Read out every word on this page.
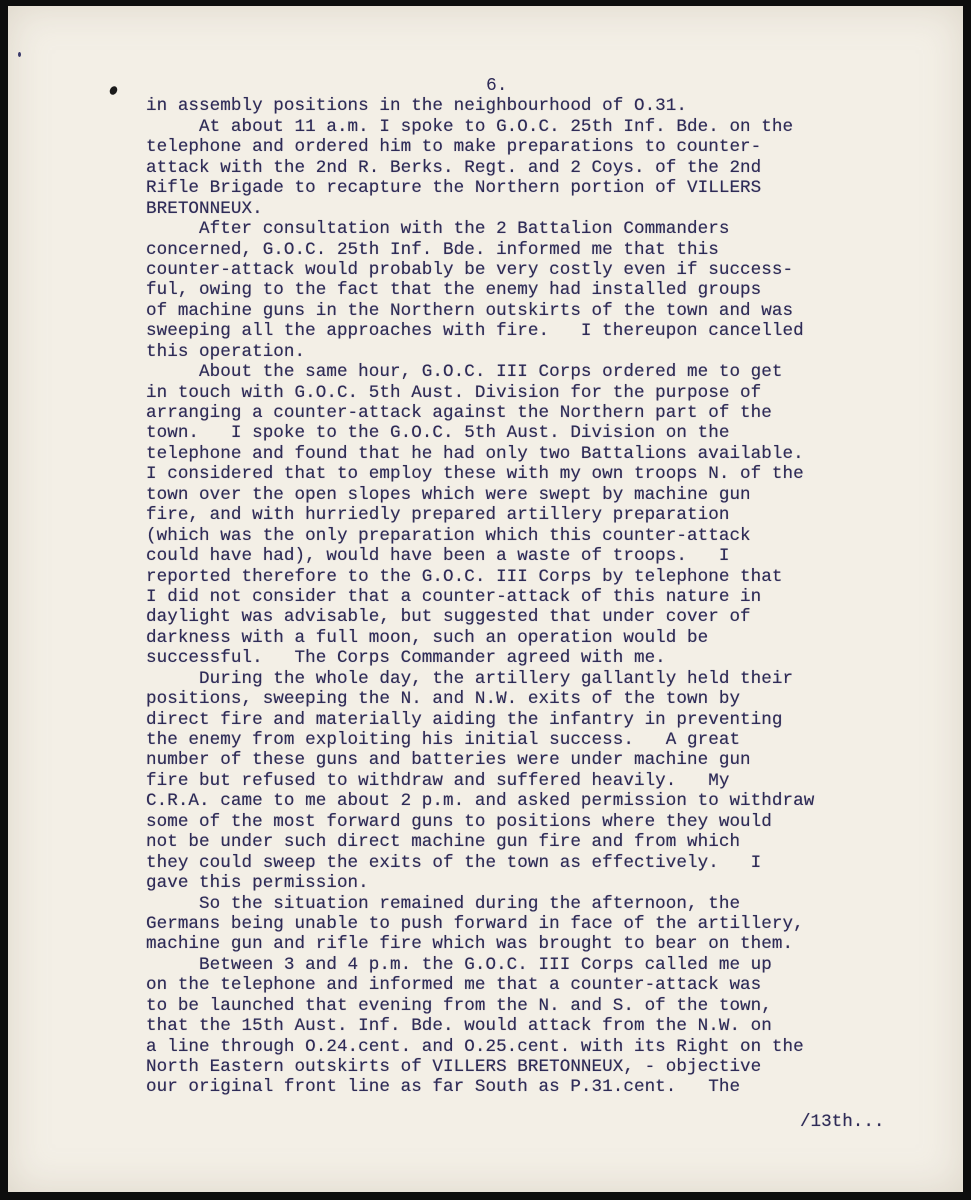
6.
in assembly positions in the neighbourhood of O.31.
At about 11 a.m. I spoke to G.O.C. 25th Inf. Bde. on the
telephone and ordered him to make preparations to counter-
attack with the 2nd R. Berks. Regt. and 2 Coys. of the 2nd
Rifle Brigade to recapture the Northern portion of VILLERS
BRETONNEUX.
After consultation with the 2 Battalion Commanders
concerned, G.O.C. 25th Inf. Bde. informed me that this
counter-attack would probably be very costly even if success-
ful, owing to the fact that the enemy had installed groups
of machine guns in the Northern outskirts of the town and was
sweeping all the approaches with fire.   I thereupon cancelled
this operation.
About the same hour, G.O.C. III Corps ordered me to get
in touch with G.O.C. 5th Aust. Division for the purpose of
arranging a counter-attack against the Northern part of the
town.   I spoke to the G.O.C. 5th Aust. Division on the
telephone and found that he had only two Battalions available.
I considered that to employ these with my own troops N. of the
town over the open slopes which were swept by machine gun
fire, and with hurriedly prepared artillery preparation
(which was the only preparation which this counter-attack
could have had), would have been a waste of troops.   I
reported therefore to the G.O.C. III Corps by telephone that
I did not consider that a counter-attack of this nature in
daylight was advisable, but suggested that under cover of
darkness with a full moon, such an operation would be
successful.   The Corps Commander agreed with me.
During the whole day, the artillery gallantly held their
positions, sweeping the N. and N.W. exits of the town by
direct fire and materially aiding the infantry in preventing
the enemy from exploiting his initial success.   A great
number of these guns and batteries were under machine gun
fire but refused to withdraw and suffered heavily.   My
C.R.A. came to me about 2 p.m. and asked permission to withdraw
some of the most forward guns to positions where they would
not be under such direct machine gun fire and from which
they could sweep the exits of the town as effectively.   I
gave this permission.
So the situation remained during the afternoon, the
Germans being unable to push forward in face of the artillery,
machine gun and rifle fire which was brought to bear on them.
Between 3 and 4 p.m. the G.O.C. III Corps called me up
on the telephone and informed me that a counter-attack was
to be launched that evening from the N. and S. of the town,
that the 15th Aust. Inf. Bde. would attack from the N.W. on
a line through O.24.cent. and O.25.cent. with its Right on the
North Eastern outskirts of VILLERS BRETONNEUX, - objective
our original front line as far South as P.31.cent.   The
/13th...
